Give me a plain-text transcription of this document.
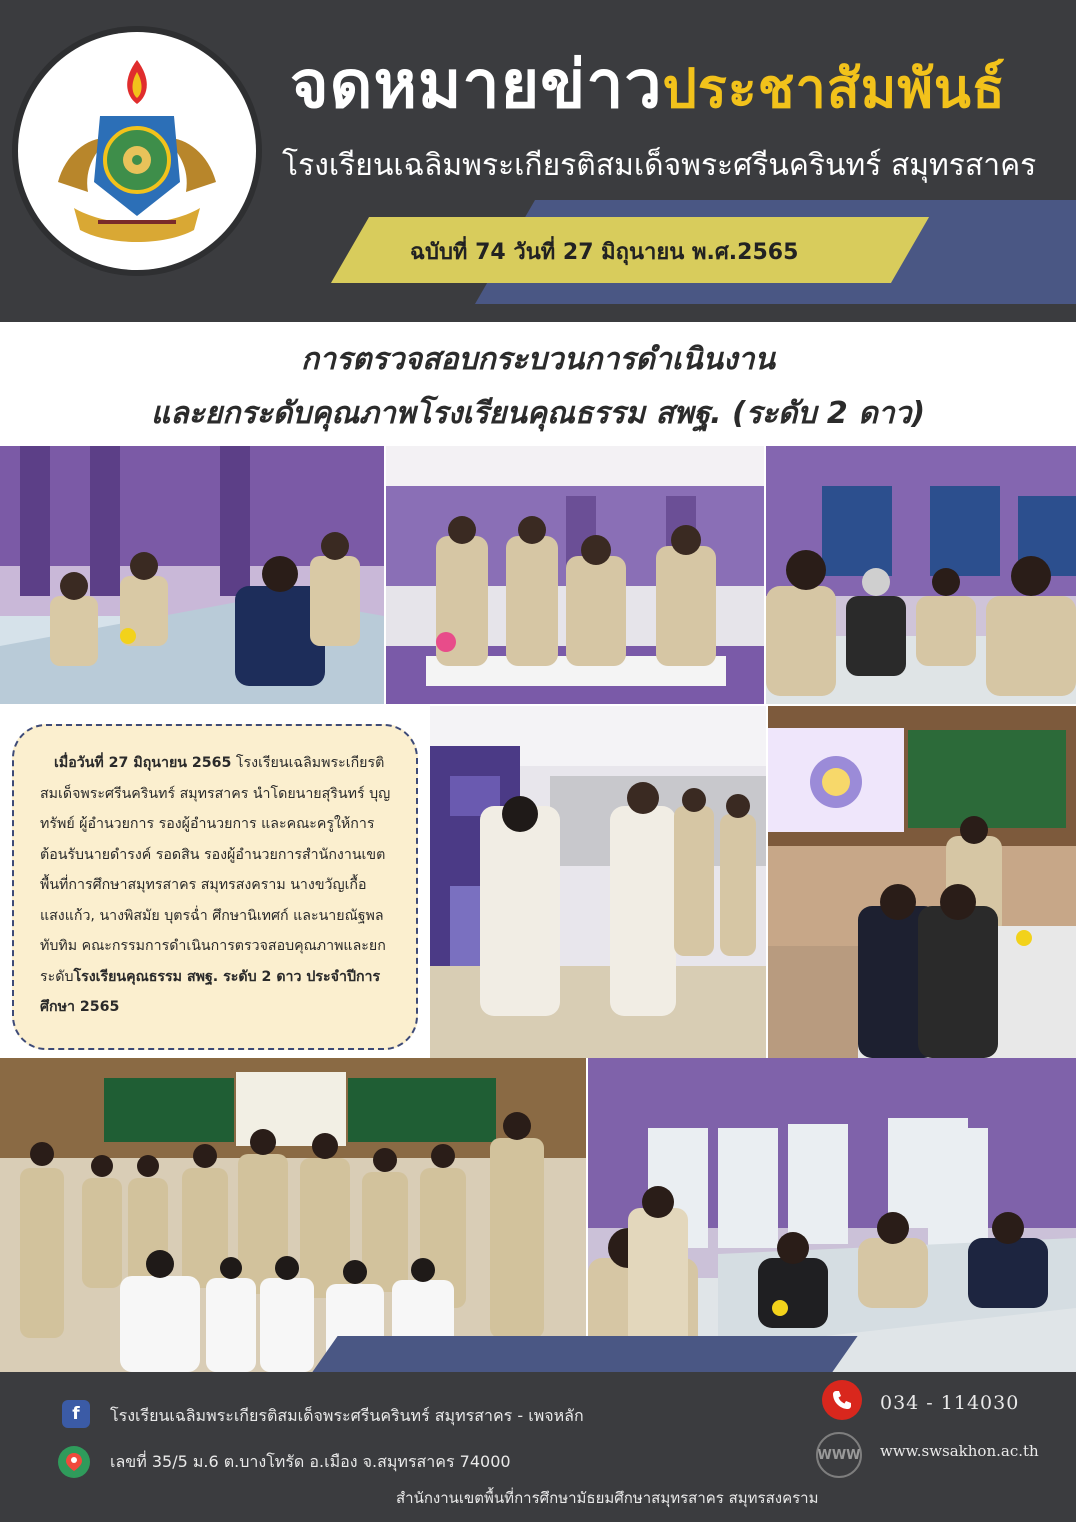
ฉบับที่ 74 วันที่ 27 มิถุนายน พ.ศ.2565
จดหมายข่าวประชาสัมพันธ์
โรงเรียนเฉลิมพระเกียรติสมเด็จพระศรีนครินทร์ สมุทรสาคร
การตรวจสอบกระบวนการดำเนินงาน
และยกระดับคุณภาพโรงเรียนคุณธรรม สพฐ. (ระดับ 2 ดาว)

เมื่อวันที่ 27 มิถุนายน 2565 โรงเรียนเฉลิมพระเกียรติสมเด็จพระศรีนครินทร์ สมุทรสาคร นำโดยนายสุรินทร์ บุญทรัพย์ ผู้อำนวยการ รองผู้อำนวยการ และคณะครูให้การต้อนรับนายดำรงค์ รอดสิน รองผู้อำนวยการสำนักงานเขตพื้นที่การศึกษาสมุทรสาคร สมุทรสงคราม นางขวัญเกื้อ แสงแก้ว, นางพิสมัย บุตรฉ่ำ ศึกษานิเทศก์ และนายณัฐพล ทับทิม คณะกรรมการดำเนินการตรวจสอบคุณภาพและยกระดับโรงเรียนคุณธรรม สพฐ. ระดับ 2 ดาว ประจำปีการศึกษา 2565

f	โรงเรียนเฉลิมพระเกียรติสมเด็จพระศรีนครินทร์ สมุทรสาคร - เพจหลัก
เลขที่ 35/5 ม.6 ต.บางโทรัด อ.เมือง จ.สมุทรสาคร 74000
034 - 114030
WWW www.swsakhon.ac.th
สำนักงานเขตพื้นที่การศึกษามัธยมศึกษาสมุทรสาคร สมุทรสงคราม
